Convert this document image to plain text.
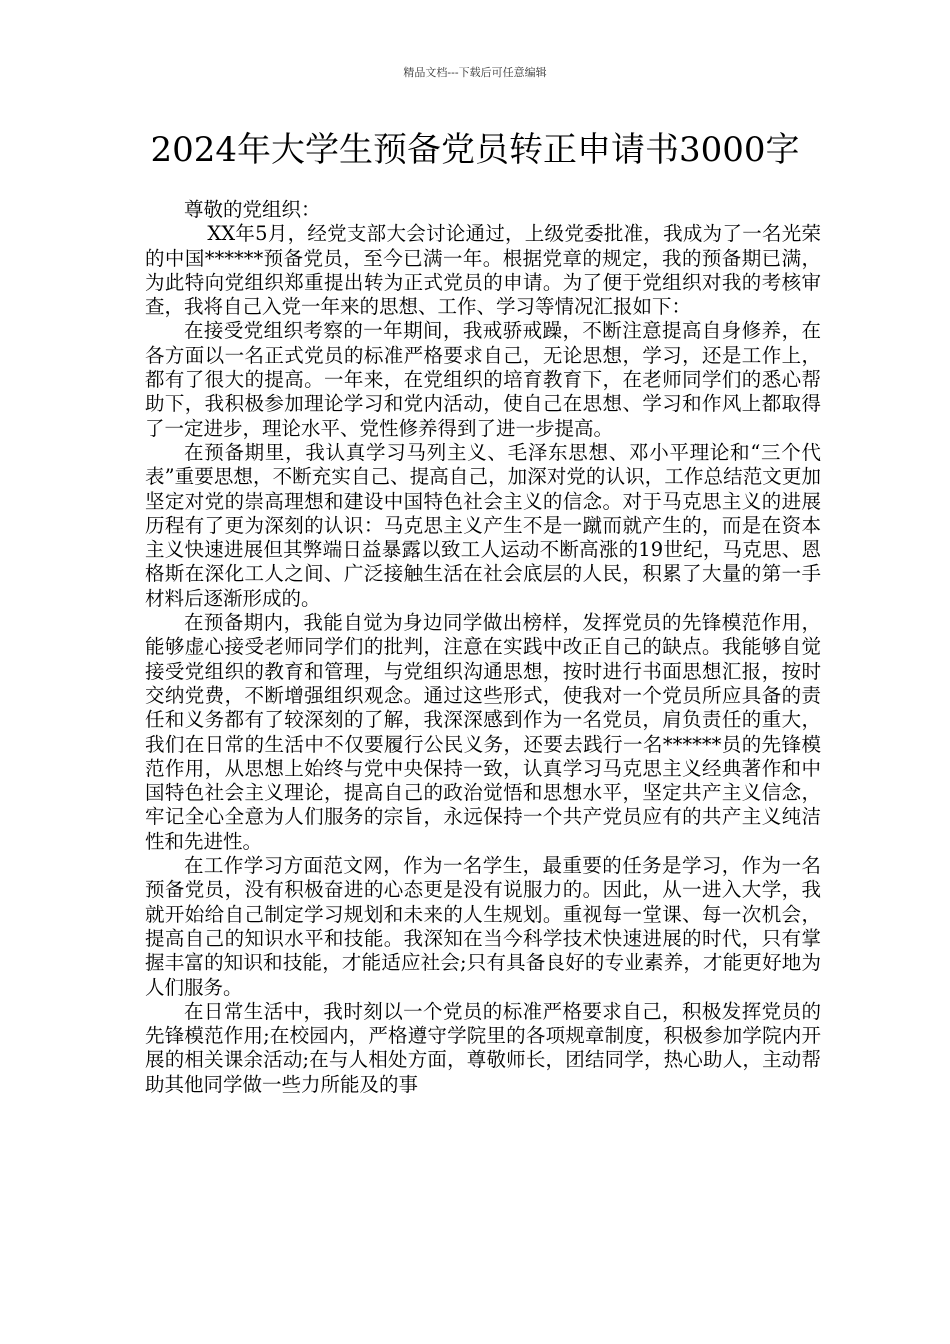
精品文档---下载后可任意编辑
2024年大学生预备党员转正申请书3000字

尊敬的党组织：

XX年5月，经党支部大会讨论通过，上级党委批准，我成为了一名光荣的中国******预备党员，至今已满一年。根据党章的规定，我的预备期已满，为此特向党组织郑重提出转为正式党员的申请。为了便于党组织对我的考核审查，我将自己入党一年来的思想、工作、学习等情况汇报如下：

在接受党组织考察的一年期间，我戒骄戒躁，不断注意提高自身修养，在各方面以一名正式党员的标准严格要求自己，无论思想，学习，还是工作上，都有了很大的提高。一年来，在党组织的培育教育下，在老师同学们的悉心帮助下，我积极参加理论学习和党内活动，使自己在思想、学习和作风上都取得了一定进步，理论水平、党性修养得到了进一步提高。

在预备期里，我认真学习马列主义、毛泽东思想、邓小平理论和“三个代表”重要思想，不断充实自己、提高自己，加深对党的认识，工作总结范文更加坚定对党的崇高理想和建设中国特色社会主义的信念。对于马克思主义的进展历程有了更为深刻的认识：马克思主义产生不是一蹴而就产生的，而是在资本主义快速进展但其弊端日益暴露以致工人运动不断高涨的19世纪，马克思、恩格斯在深化工人之间、广泛接触生活在社会底层的人民，积累了大量的第一手材料后逐渐形成的。

在预备期内，我能自觉为身边同学做出榜样，发挥党员的先锋模范作用，能够虚心接受老师同学们的批判，注意在实践中改正自己的缺点。我能够自觉接受党组织的教育和管理，与党组织沟通思想，按时进行书面思想汇报，按时交纳党费，不断增强组织观念。通过这些形式，使我对一个党员所应具备的责任和义务都有了较深刻的了解，我深深感到作为一名党员，肩负责任的重大，我们在日常的生活中不仅要履行公民义务，还要去践行一名******员的先锋模范作用，从思想上始终与党中央保持一致，认真学习马克思主义经典著作和中国特色社会主义理论，提高自己的政治觉悟和思想水平，坚定共产主义信念，牢记全心全意为人们服务的宗旨，永远保持一个共产党员应有的共产主义纯洁性和先进性。

在工作学习方面范文网，作为一名学生，最重要的任务是学习，作为一名预备党员，没有积极奋进的心态更是没有说服力的。因此，从一进入大学，我就开始给自己制定学习规划和未来的人生规划。重视每一堂课、每一次机会，提高自己的知识水平和技能。我深知在当今科学技术快速进展的时代，只有掌握丰富的知识和技能，才能适应社会;只有具备良好的专业素养，才能更好地为人们服务。

在日常生活中，我时刻以一个党员的标准严格要求自己，积极发挥党员的先锋模范作用;在校园内，严格遵守学院里的各项规章制度，积极参加学院内开展的相关课余活动;在与人相处方面，尊敬师长，团结同学，热心助人，主动帮助其他同学做一些力所能及的事
